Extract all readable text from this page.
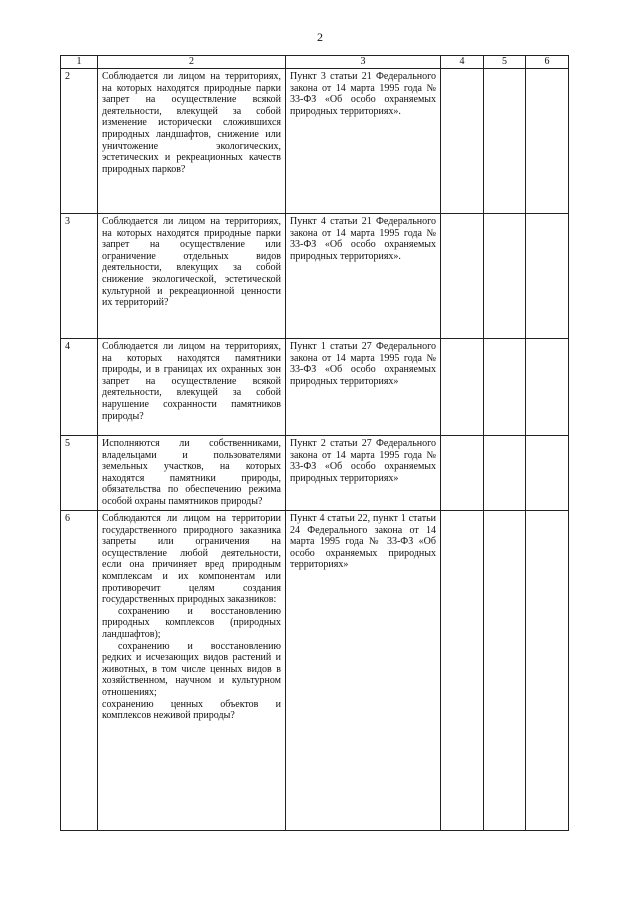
2
1	2	3	4	5	6
2	Соблюдается ли лицом на территориях, на которых находятся природные парки запрет на осуществление всякой деятельности, влекущей за собой изменение исторически сложившихся природных ландшафтов, снижение или уничтожение экологических, эстетических и рекреационных качеств природных парков?	Пункт 3 статьи 21 Федерального закона от 14 марта 1995 года № 33-ФЗ «Об особо охраняемых природных территориях».			
3	Соблюдается ли лицом на территориях, на которых находятся природные парки запрет на осуществление или ограничение отдельных видов деятельности, влекущих за собой снижение экологической, эстетической культурной и рекреационной ценности их территорий?	Пункт 4 статьи 21 Федерального закона от 14 марта 1995 года № 33-ФЗ «Об особо охраняемых природных территориях».			
4	Соблюдается ли лицом на территориях, на которых находятся памятники природы, и в границах их охранных зон запрет на осуществление всякой деятельности, влекущей за собой нарушение сохранности памятников природы?	Пункт 1 статьи 27 Федерального закона от 14 марта 1995 года № 33-ФЗ «Об особо охраняемых природных территориях»			
5	Исполняются ли собственниками, владельцами и пользователями земельных участков, на которых находятся памятники природы, обязательства по обеспечению режима особой охраны памятников природы?	Пункт 2 статьи 27 Федерального закона от 14 марта 1995 года № 33-ФЗ «Об особо охраняемых природных территориях»			
6	Соблюдаются ли лицом на территории государственного природного заказника запреты или ограничения на осуществление любой деятельности, если она причиняет вред природным комплексам и их компонентам или противоречит целям создания государственных природных заказников:
сохранению и восстановлению природных комплексов (природных ландшафтов);
сохранению и восстановлению редких и исчезающих видов растений и животных, в том числе ценных видов в хозяйственном, научном и культурном отношениях;
сохранению ценных объектов и комплексов неживой природы?	Пункт 4 статьи 22, пункт 1 статьи 24 Федерального закона от 14 марта 1995 года № 33-ФЗ «Об особо охраняемых природных территориях»			
